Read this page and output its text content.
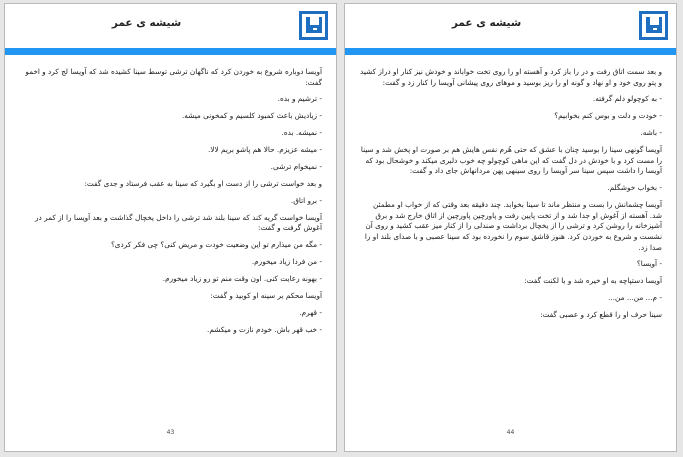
شیشه ی عمر

آویسا دوباره شروع به خوردن کرد که ناگهان ترشی توسط سینا کشیده شد که آویسا لج کرد و اخمو گفت:

- ترشیم و بده.

- زیادیش باعث کمبود کلسیم و کمخونی میشه.

- نمیشه. بده.

- میشه عزیزم. حالا هم پاشو بریم لالا.

- نمیخوام ترشی.

و بعد خواست ترشی را از دست او بگیرد که سینا به عقب فرستاد و جدی گفت:

- برو اتاق.

آویسا خواست گریه کند که سینا بلند شد ترشی را داخل یخچال گذاشت و بعد آویسا را از کمر در آغوش گرفت و گفت:

- مگه من میذارم تو این وضعیت خودت و مریض کنی؟ چی فکر کردی؟

- من فردا زیاد میخورم.

- بهونه رعایت کنی. اون وقت منم تو رو زیاد میخورم.

آویسا محکم بر سینه او کوبید و گفت:

- قهرم.

- خب قهر باش. خودم نازت و میکشم.

43
شیشه ی عمر

و بعد سمت اتاق رفت و در را باز کرد و آهسته او را روی تخت خواباند و خودش نیز کنار او دراز کشید و پتو روی خود و او نهاد و گونه او را ریز بوسید و موهای روی پیشانی آویسا را کنار زد و گفت:

- به کوچولو دلم گرفته.

- خودت و دلت و بوس کنم بخوابیم؟

- باشه.

آویسا گونهی سینا را بوسید چنان با عشق که حتی هُرم نفس هایش هم بر صورت او پخش شد و سینا را مست کرد و با خودش در دل گفت که این ماهی کوچولو چه خوب دلبری میکند و خوشحال بود که آویسا را داشت سپس سینا سر آویسا را روی سینهی پهن مردانهاش جای داد و گفت:

- بخواب خوشگلم.

آویسا چشمانش را بست و منتظر ماند تا سینا بخوابد. چند دقیقه بعد وقتی که از خواب او مطمئن شد. آهسته از آغوش او جدا شد و از تخت پایین رفت و پاورچین پاورچین از اتاق خارج شد و برق آشپزخانه را روشن کرد و ترشی را از یخچال برداشت و صندلی را از کنار میز عقب کشید و روی آن نشست و شروع به خوردن کرد. هنوز قاشق سوم را نخورده بود که سینا عصبی و با صدای بلند او را صدا زد.

- آویسا؟

آویسا دستپاچه به او خیره شد و با لکنت گفت:

- م... من... من...

سینا حرف او را قطع کرد و عصبی گفت:

44
